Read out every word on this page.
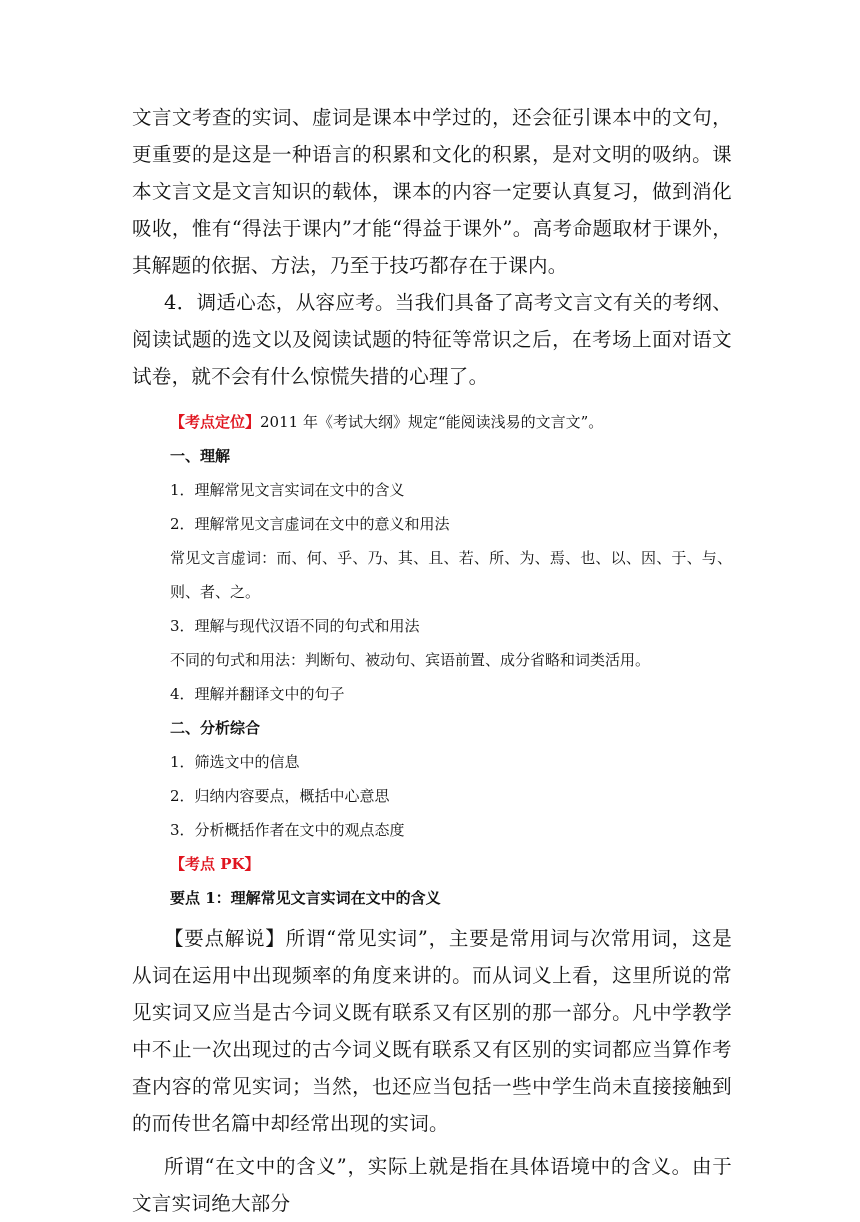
文言文考查的实词、虚词是课本中学过的，还会征引课本中的文句，更重要的是这是一种语言的积累和文化的积累，是对文明的吸纳。课本文言文是文言知识的载体，课本的内容一定要认真复习，做到消化吸收，惟有“得法于课内”才能“得益于课外”。高考命题取材于课外，其解题的依据、方法，乃至于技巧都存在于课内。

4．调适心态，从容应考。当我们具备了高考文言文有关的考纲、阅读试题的选文以及阅读试题的特征等常识之后，在考场上面对语文试卷，就不会有什么惊慌失措的心理了。

【考点定位】2011 年《考试大纲》规定“能阅读浅易的文言文”。

一、理解

1．理解常见文言实词在文中的含义

2．理解常见文言虚词在文中的意义和用法

常见文言虚词：而、何、乎、乃、其、且、若、所、为、焉、也、以、因、于、与、则、者、之。

3．理解与现代汉语不同的句式和用法

不同的句式和用法：判断句、被动句、宾语前置、成分省略和词类活用。

4．理解并翻译文中的句子

二、分析综合

1．筛选文中的信息

2．归纳内容要点，概括中心意思

3．分析概括作者在文中的观点态度

【考点 PK】

要点 1：理解常见文言实词在文中的含义

【要点解说】所谓“常见实词”，主要是常用词与次常用词，这是从词在运用中出现频率的角度来讲的。而从词义上看，这里所说的常见实词又应当是古今词义既有联系又有区别的那一部分。凡中学教学中不止一次出现过的古今词义既有联系又有区别的实词都应当算作考查内容的常见实词；当然，也还应当包括一些中学生尚未直接接触到的而传世名篇中却经常出现的实词。

所谓“在文中的含义”，实际上就是指在具体语境中的含义。由于文言实词绝大部分
